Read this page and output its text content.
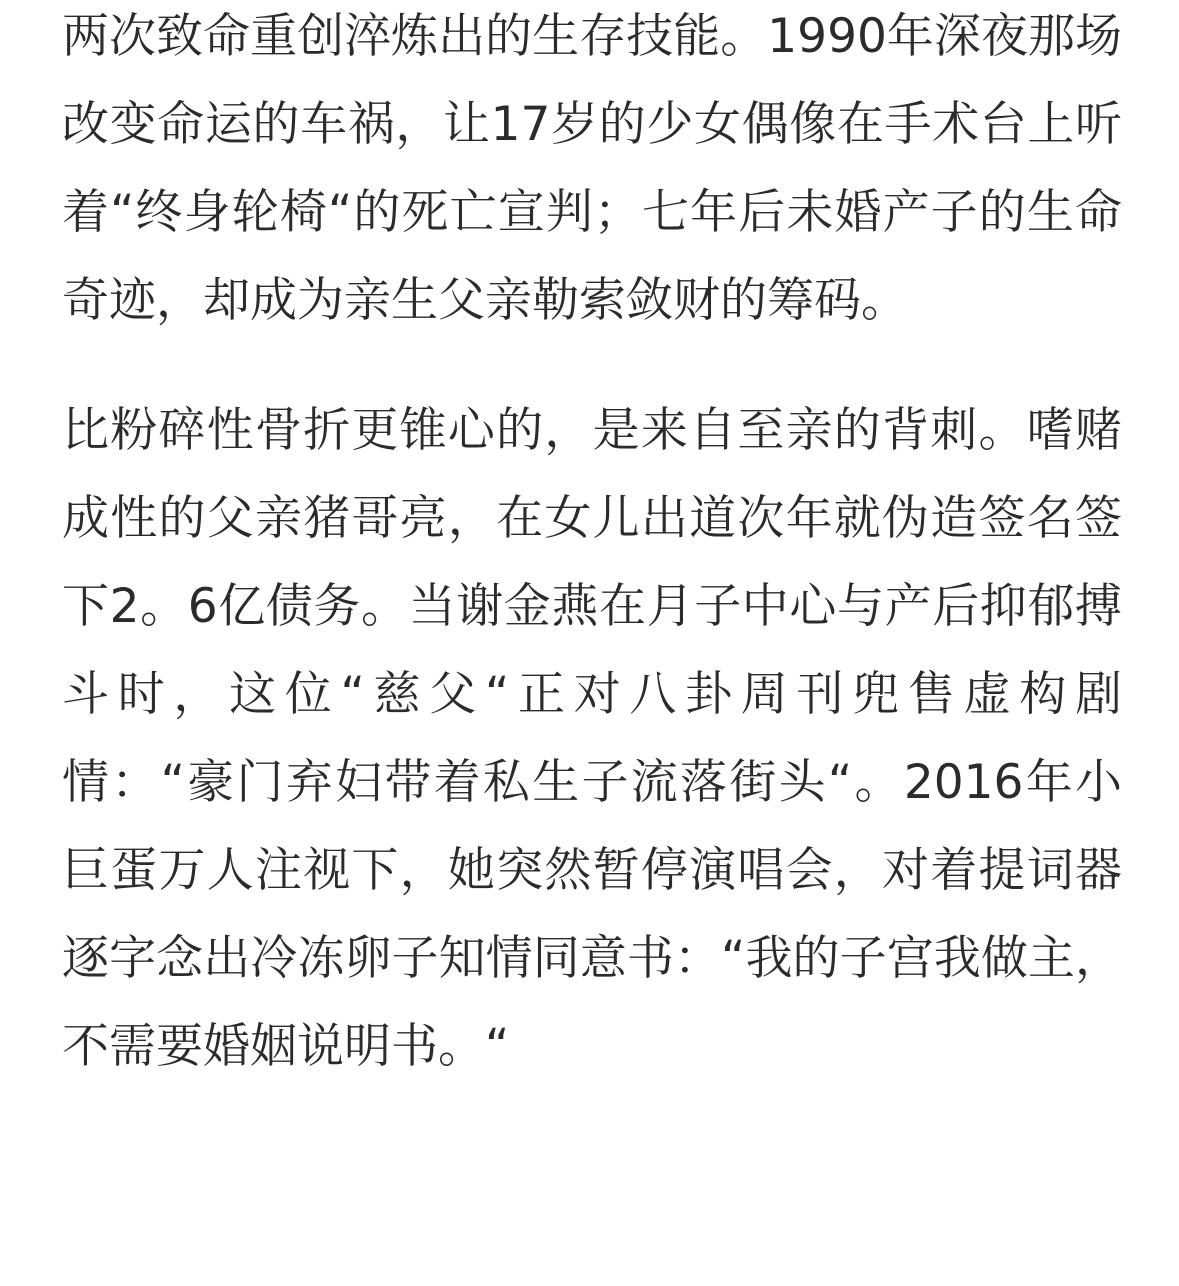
两次致命重创淬炼出的生存技能。1990年深夜那场改变命运的车祸，让17岁的少女偶像在手术台上听着“终身轮椅“的死亡宣判；七年后未婚产子的生命奇迹，却成为亲生父亲勒索敛财的筹码。

比粉碎性骨折更锥心的，是来自至亲的背刺。嗜赌成性的父亲猪哥亮，在女儿出道次年就伪造签名签下2。6亿债务。当谢金燕在月子中心与产后抑郁搏斗时，这位“慈父“正对八卦周刊兜售虚构剧情：“豪门弃妇带着私生子流落街头“。2016年小巨蛋万人注视下，她突然暂停演唱会，对着提词器逐字念出冷冻卵子知情同意书：“我的子宫我做主，不需要婚姻说明书。“
